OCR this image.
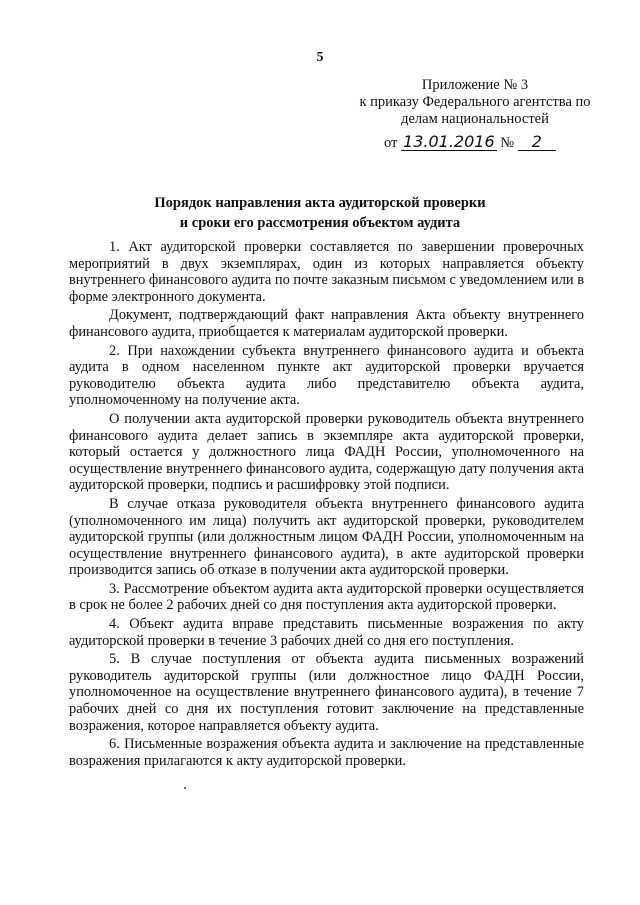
5
Приложение № 3
к приказу Федерального агентства по
делам национальностей
от 13.01.2016 № 2
Порядок направления акта аудиторской проверки
и сроки его рассмотрения объектом аудита

1. Акт аудиторской проверки составляется по завершении проверочных мероприятий в двух экземплярах, один из которых направляется объекту внутреннего финансового аудита по почте заказным письмом с уведомлением или в форме электронного документа.

Документ, подтверждающий факт направления Акта объекту внутреннего финансового аудита, приобщается к материалам аудиторской проверки.

2. При нахождении субъекта внутреннего финансового аудита и объекта аудита в одном населенном пункте акт аудиторской проверки вручается руководителю объекта аудита либо представителю объекта аудита, уполномоченному на получение акта.

О получении акта аудиторской проверки руководитель объекта внутреннего финансового аудита делает запись в экземпляре акта аудиторской проверки, который остается у должностного лица ФАДН России, уполномоченного на осуществление внутреннего финансового аудита, содержащую дату получения акта аудиторской проверки, подпись и расшифровку этой подписи.

В случае отказа руководителя объекта внутреннего финансового аудита (уполномоченного им лица) получить акт аудиторской проверки, руководителем аудиторской группы (или должностным лицом ФАДН России, уполномоченным на осуществление внутреннего финансового аудита), в акте аудиторской проверки производится запись об отказе в получении акта аудиторской проверки.

3. Рассмотрение объектом аудита акта аудиторской проверки осуществляется в срок не более 2 рабочих дней со дня поступления акта аудиторской проверки.

4. Объект аудита вправе представить письменные возражения по акту аудиторской проверки в течение 3 рабочих дней со дня его поступления.

5. В случае поступления от объекта аудита письменных возражений руководитель аудиторской группы (или должностное лицо ФАДН России, уполномоченное на осуществление внутреннего финансового аудита), в течение 7 рабочих дней со дня их поступления готовит заключение на представленные возражения, которое направляется объекту аудита.

6. Письменные возражения объекта аудита и заключение на представленные возражения прилагаются к акту аудиторской проверки.
